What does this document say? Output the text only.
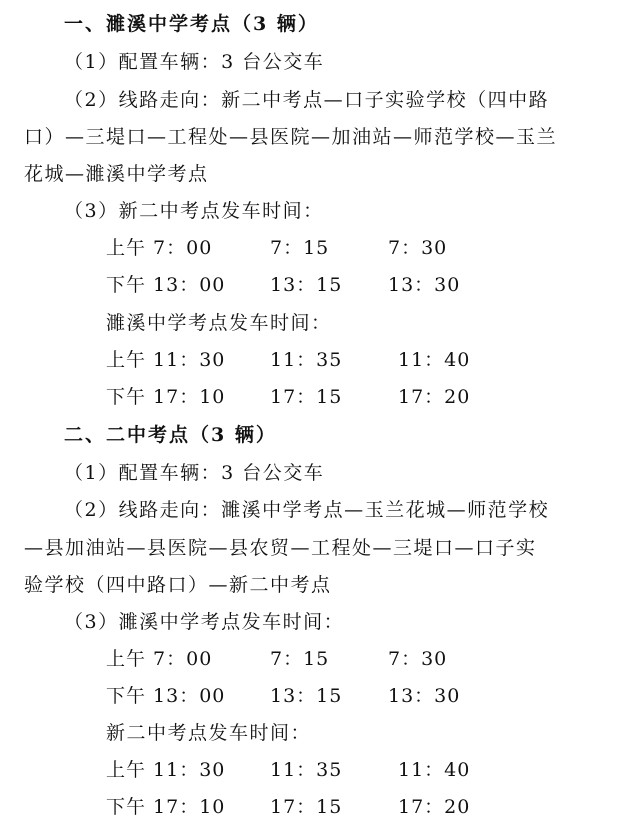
一、濉溪中学考点（3 辆）
（1）配置车辆：3 台公交车
（2）线路走向：新二中考点—口子实验学校（四中路
口）—三堤口—工程处—县医院—加油站—师范学校—玉兰
花城—濉溪中学考点
（3）新二中考点发车时间：
上午 7：00	7：15	7：30
下午 13：00 13：15 13：30
濉溪中学考点发车时间：
上午 11：30 11：35	11：40
下午 17：10 17：15	17：20
二、二中考点（3 辆）
（1）配置车辆：3 台公交车
（2）线路走向：濉溪中学考点—玉兰花城—师范学校
—县加油站—县医院—县农贸—工程处—三堤口—口子实
验学校（四中路口）—新二中考点
（3）濉溪中学考点发车时间：
上午 7：00	7：15	7：30
下午 13：00 13：15 13：30
新二中考点发车时间：
上午 11：30 11：35	11：40
下午 17：10 17：15	17：20
